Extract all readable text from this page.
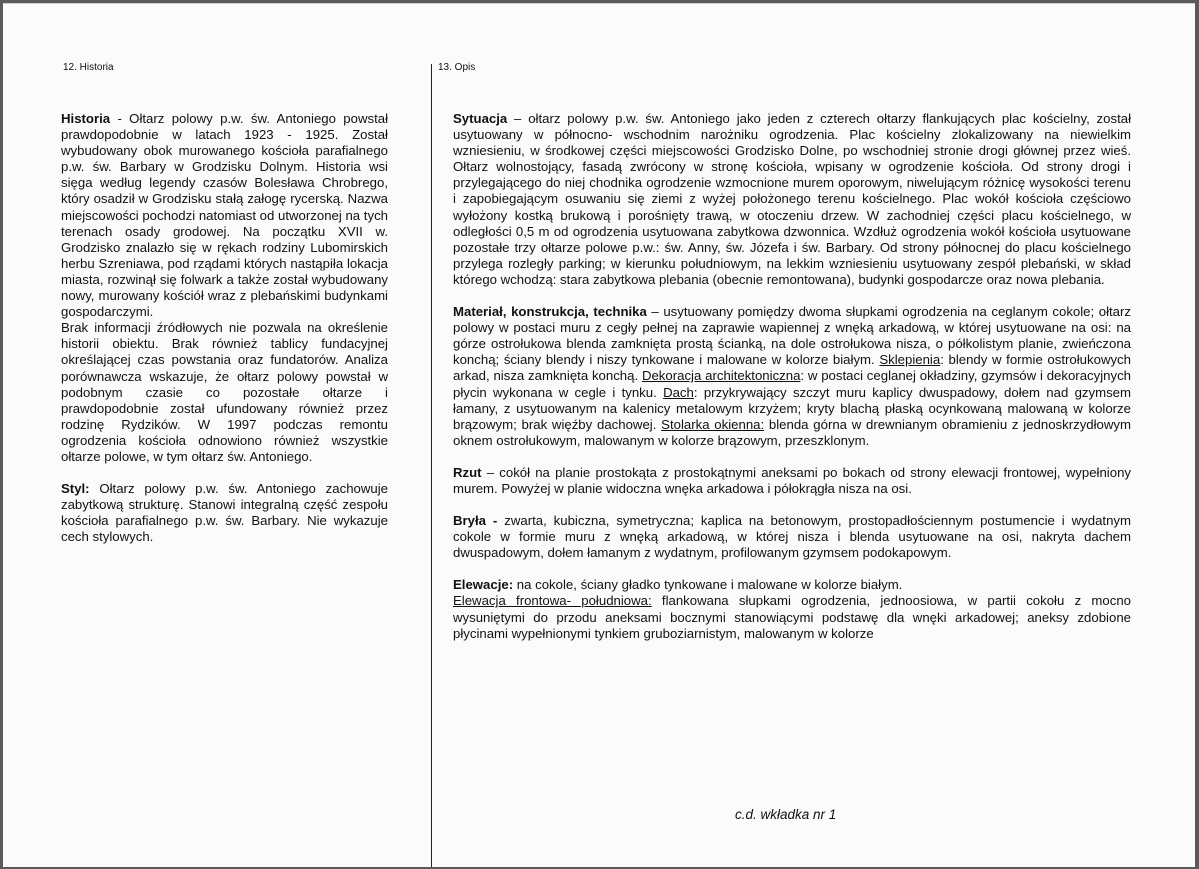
12. Historia	13. Opis

Historia - Ołtarz polowy p.w. św. Antoniego powstał prawdopodobnie w latach 1923 - 1925. Został wybudowany obok murowanego kościoła parafialnego p.w. św. Barbary w Grodzisku Dolnym. Historia wsi sięga według legendy czasów Bolesława Chrobrego, który osadził w Grodzisku stałą załogę rycerską. Nazwa miejscowości pochodzi natomiast od utworzonej na tych terenach osady grodowej. Na początku XVII w. Grodzisko znalazło się w rękach rodziny Lubomirskich herbu Szreniawa, pod rządami których nastąpiła lokacja miasta, rozwinął się folwark a także został wybudowany nowy, murowany kościół wraz z plebańskimi budynkami gospodarczymi.

Brak informacji źródłowych nie pozwala na określenie historii obiektu. Brak również tablicy fundacyjnej określającej czas powstania oraz fundatorów. Analiza porównawcza wskazuje, że ołtarz polowy powstał w podobnym czasie co pozostałe ołtarze i prawdopodobnie został ufundowany również przez rodzinę Rydzików. W 1997 podczas remontu ogrodzenia kościoła odnowiono również wszystkie ołtarze polowe, w tym ołtarz św. Antoniego.

Styl: Ołtarz polowy p.w. św. Antoniego zachowuje zabytkową strukturę. Stanowi integralną część zespołu kościoła parafialnego p.w. św. Barbary. Nie wykazuje cech stylowych.

Sytuacja – ołtarz polowy p.w. św. Antoniego jako jeden z czterech ołtarzy flankujących plac kościelny, został usytuowany w północno- wschodnim narożniku ogrodzenia. Plac kościelny zlokalizowany na niewielkim wzniesieniu, w środkowej części miejscowości Grodzisko Dolne, po wschodniej stronie drogi głównej przez wieś. Ołtarz wolnostojący, fasadą zwrócony w stronę kościoła, wpisany w ogrodzenie kościoła. Od strony drogi i przylegającego do niej chodnika ogrodzenie wzmocnione murem oporowym, niwelującym różnicę wysokości terenu i zapobiegającym osuwaniu się ziemi z wyżej położonego terenu kościelnego. Plac wokół kościoła częściowo wyłożony kostką brukową i porośnięty trawą, w otoczeniu drzew. W zachodniej części placu kościelnego, w odległości 0,5 m od ogrodzenia usytuowana zabytkowa dzwonnica. Wzdłuż ogrodzenia wokół kościoła usytuowane pozostałe trzy ołtarze polowe p.w.: św. Anny, św. Józefa i św. Barbary. Od strony północnej do placu kościelnego przylega rozległy parking; w kierunku południowym, na lekkim wzniesieniu usytuowany zespół plebański, w skład którego wchodzą: stara zabytkowa plebania (obecnie remontowana), budynki gospodarcze oraz nowa plebania.
Materiał, konstrukcja, technika – usytuowany pomiędzy dwoma słupkami ogrodzenia na ceglanym cokole; ołtarz polowy w postaci muru z cegły pełnej na zaprawie wapiennej z wnęką arkadową, w której usytuowane na osi: na górze ostrołukowa blenda zamknięta prostą ścianką, na dole ostrołukowa nisza, o półkolistym planie, zwieńczona konchą; ściany blendy i niszy tynkowane i malowane w kolorze białym. Sklepienia: blendy w formie ostrołukowych arkad, nisza zamknięta konchą. Dekoracja architektoniczna: w postaci ceglanej okładziny, gzymsów i dekoracyjnych płycin wykonana w cegle i tynku. Dach: przykrywający szczyt muru kaplicy dwuspadowy, dołem nad gzymsem łamany, z usytuowanym na kalenicy metalowym krzyżem; kryty blachą płaską ocynkowaną malowaną w kolorze brązowym; brak więźby dachowej. Stolarka okienna: blenda górna w drewnianym obramieniu z jednoskrzydłowym oknem ostrołukowym, malowanym w kolorze brązowym, przeszklonym.
Rzut – cokół na planie prostokąta z prostokątnymi aneksami po bokach od strony elewacji frontowej, wypełniony murem. Powyżej w planie widoczna wnęka arkadowa i półokrągła nisza na osi.
Bryła - zwarta, kubiczna, symetryczna; kaplica na betonowym, prostopadłościennym postumencie i wydatnym cokole w formie muru z wnęką arkadową, w której nisza i blenda usytuowane na osi, nakryta dachem dwuspadowym, dołem łamanym z wydatnym, profilowanym gzymsem podokapowym.
Elewacje: na cokole, ściany gładko tynkowane i malowane w kolorze białym.
Elewacja frontowa- południowa: flankowana słupkami ogrodzenia, jednoosiowa, w partii cokołu z mocno wysuniętymi do przodu aneksami bocznymi stanowiącymi podstawę dla wnęki arkadowej; aneksy zdobione płycinami wypełnionymi tynkiem gruboziarnistym, malowanym w kolorze
c.d. wkładka nr 1
